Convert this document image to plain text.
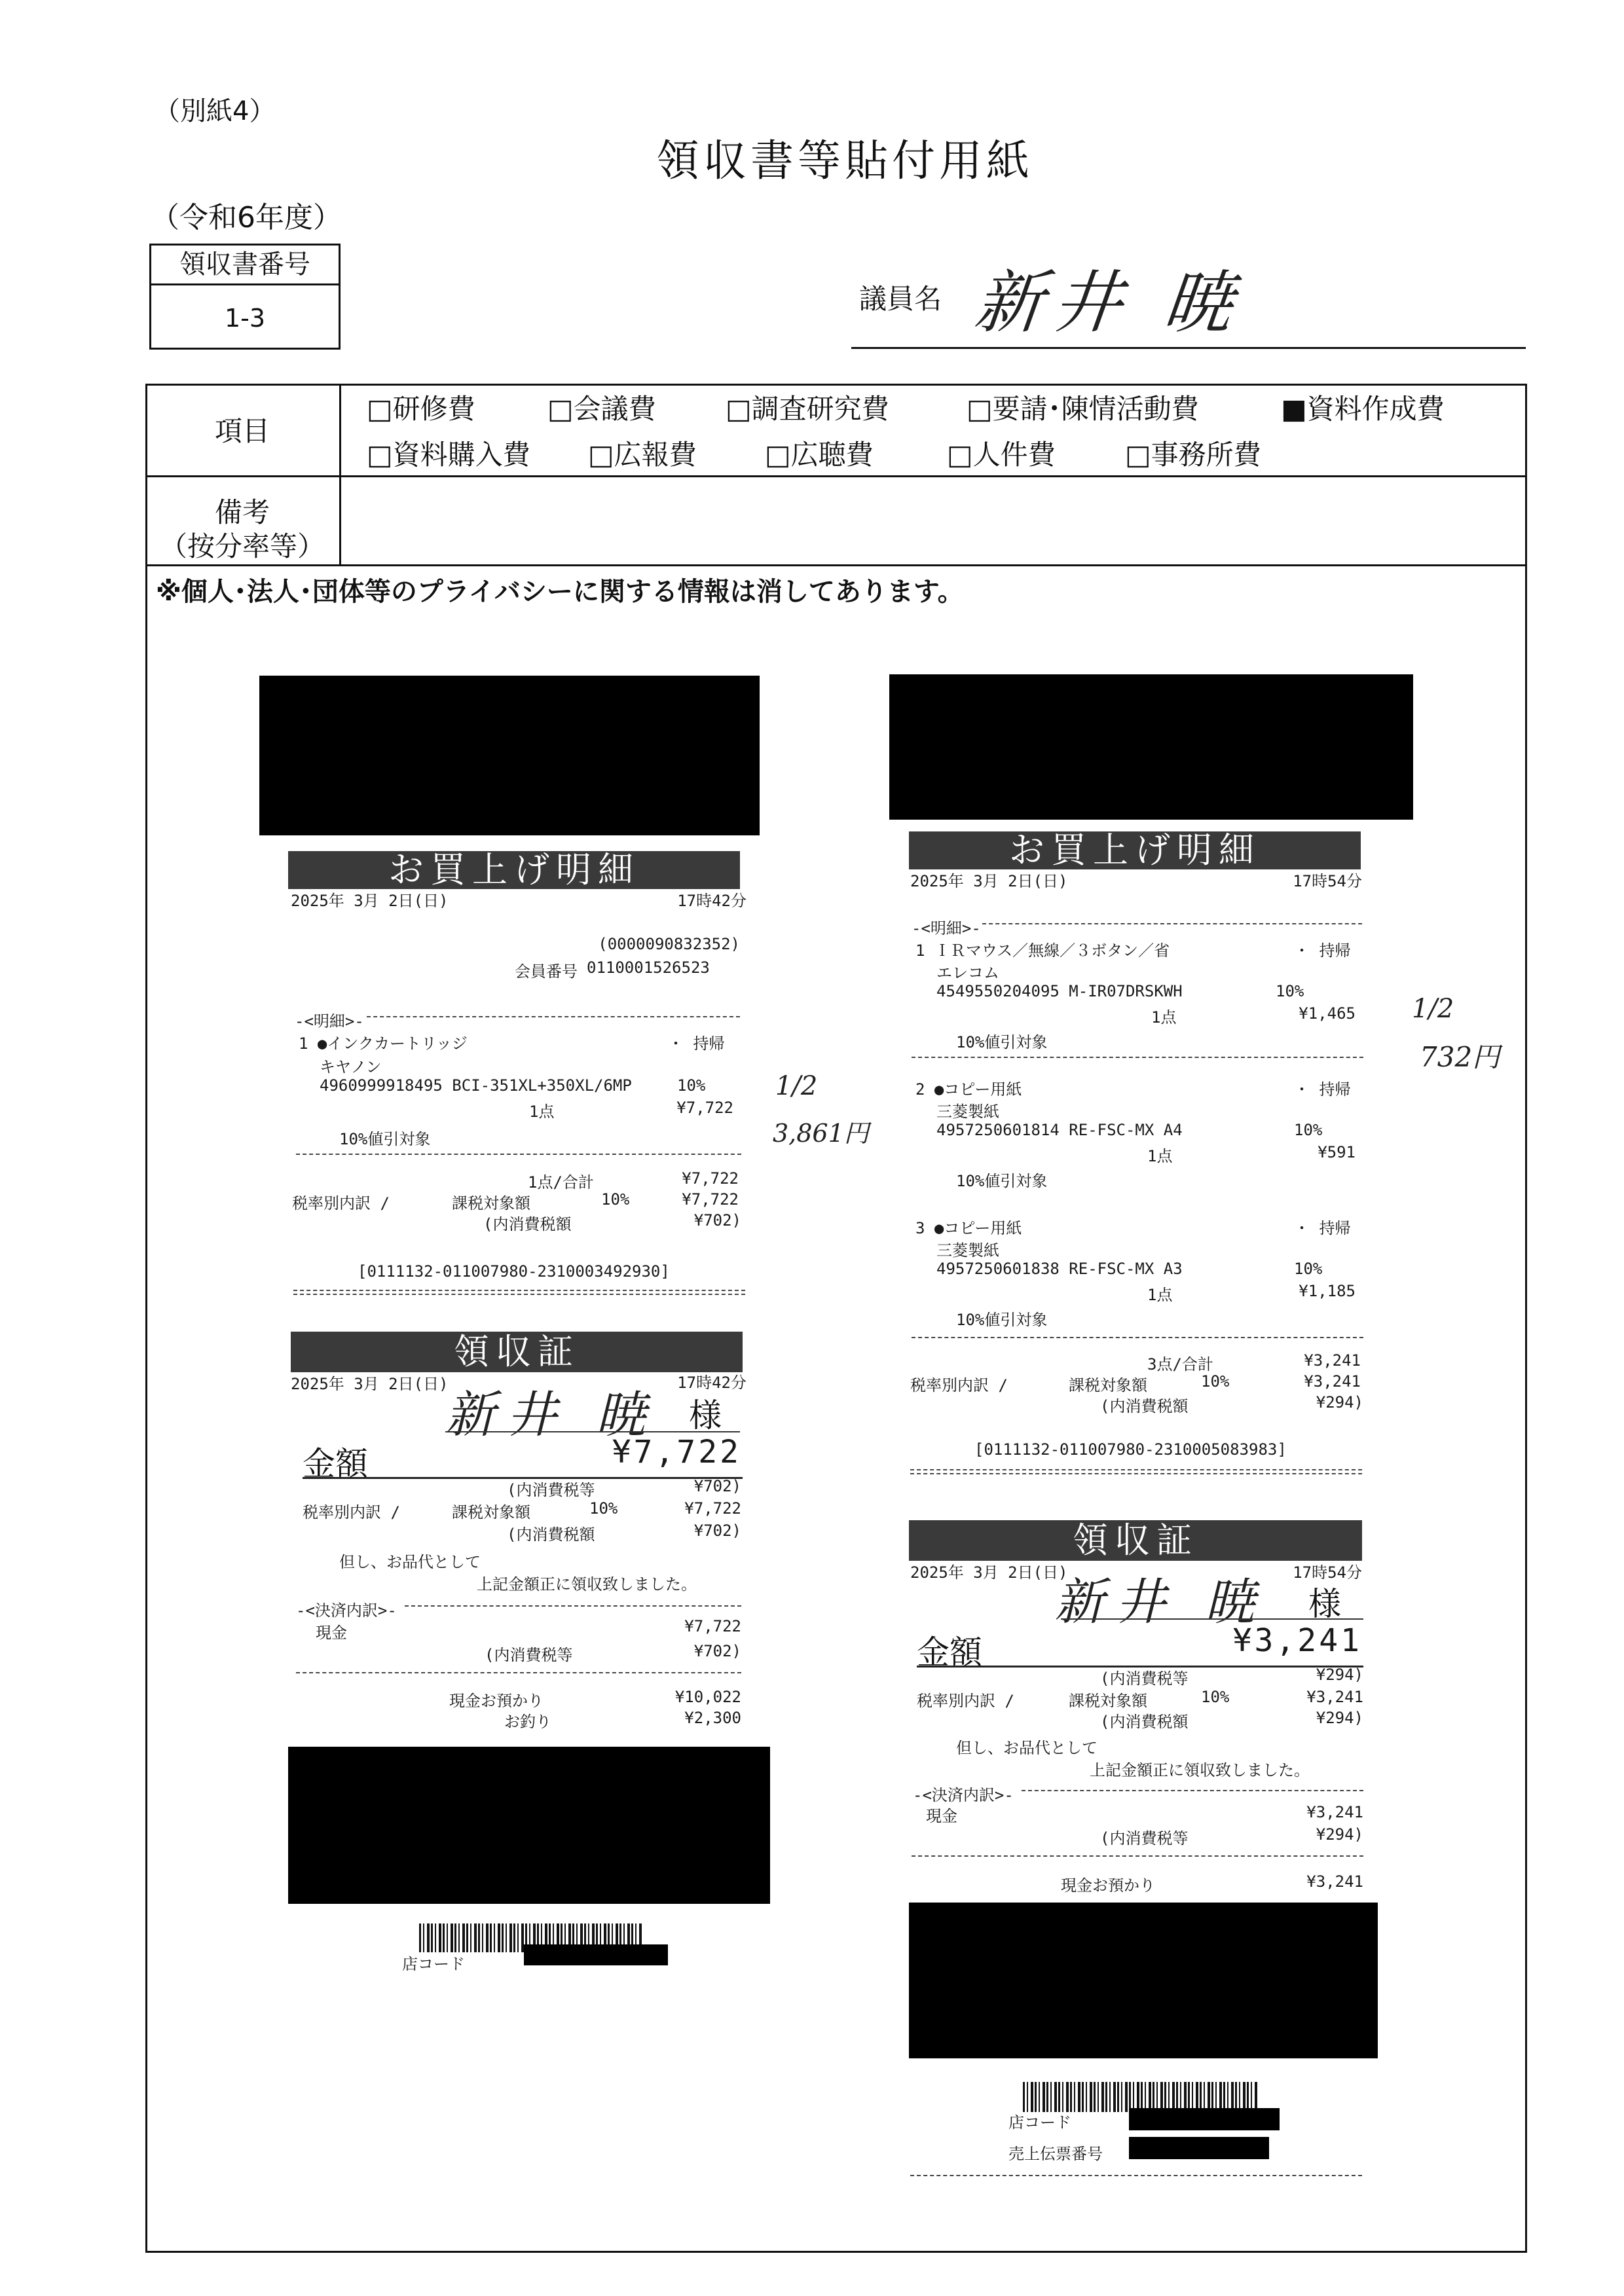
（別紙4）
領収書等貼付用紙
（令和6年度）
領収書番号
1-3
議員名 新井 暁
項目
□研修費	□会議費	□調査研究費	□要請･陳情活動費	■資料作成費
□資料購入費 □広報費 □広聴費	□人件費	□事務所費
備考
（按分率等）
※個人･法人･団体等のプライバシーに関する情報は消してあります。
お買上げ明細
2025年 3月 2日(日)	17時42分
(0000090832352)
会員番号 0110001526523
-<明細>-
1 ●インクカートリッジ	・ 持帰
キヤノン
4960999918495 BCI-351XL+350XL/6MP	10%
1点	¥7,722
10%値引対象
1点/合計	¥7,722
税率別内訳 /	課税対象額	10%	¥7,722
(内消費税額	¥702)
[0111132-011007980-2310003492930]
領収証
2025年 3月 2日(日)	17時42分
新井 暁 様
金額	¥7,722
(内消費税等	¥702)
税率別内訳 /	課税対象額	10%	¥7,722
(内消費税額	¥702)
但し、お品代として
上記金額正に領収致しました。
-<決済内訳>-
現金	¥7,722
(内消費税等	¥702)
現金お預かり	¥10,022
お釣り	¥2,300
店コード
1/2
3,861円
お買上げ明細
2025年 3月 2日(日)	17時54分
-<明細>-
1 ＩＲマウス／無線／３ボタン／省	・ 持帰
エレコム
4549550204095 M-IR07DRSKWH	10%
1点	¥1,465
10%値引対象
2 ●コピー用紙	・ 持帰
三菱製紙
4957250601814 RE-FSC-MX A4	10%
1点	¥591
10%値引対象
3 ●コピー用紙	・ 持帰
三菱製紙
4957250601838 RE-FSC-MX A3	10%
1点	¥1,185
10%値引対象
3点/合計	¥3,241
税率別内訳 /	課税対象額	10%	¥3,241
(内消費税額	¥294)
[0111132-011007980-2310005083983]
領収証
2025年 3月 2日(日)	17時54分
新井 暁 様
金額	¥3,241
(内消費税等	¥294)
税率別内訳 /	課税対象額	10%	¥3,241
(内消費税額	¥294)
但し、お品代として
上記金額正に領収致しました。
-<決済内訳>-
現金	¥3,241
(内消費税等	¥294)
現金お預かり	¥3,241
店コード
売上伝票番号
1/2
732円
